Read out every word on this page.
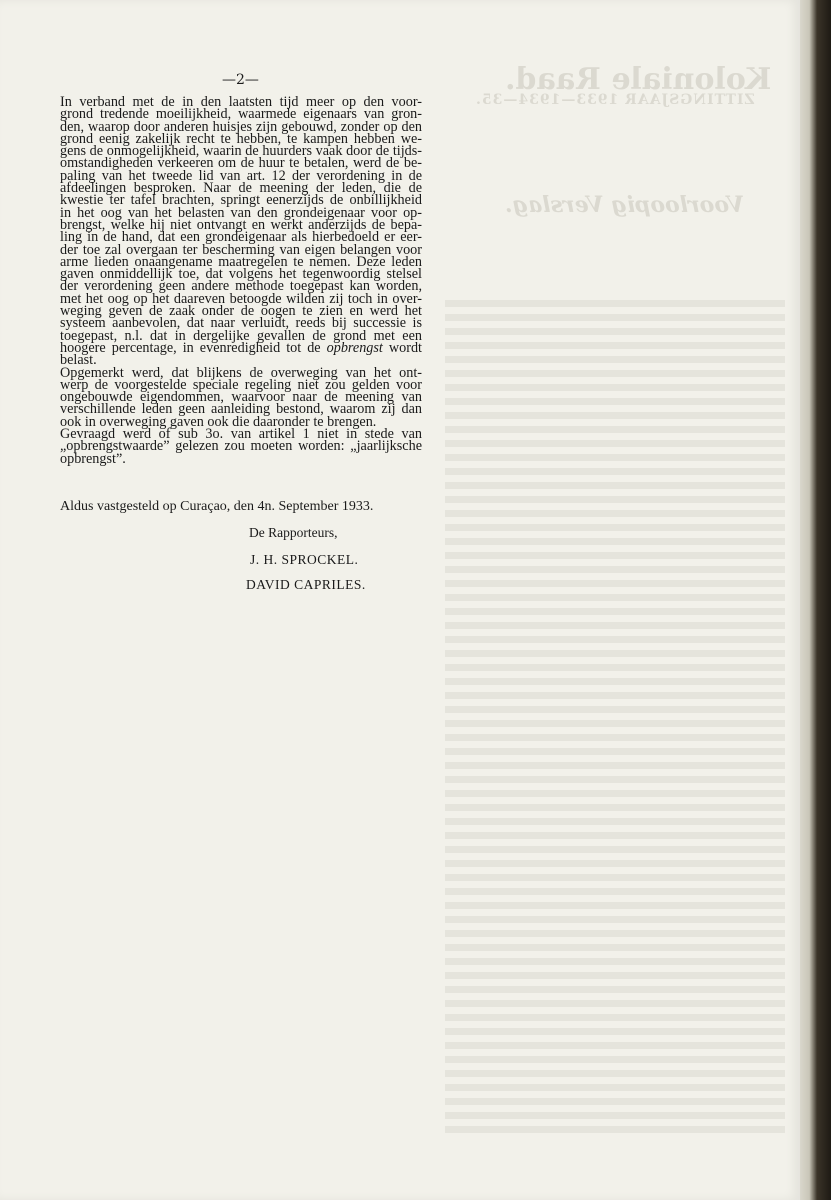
Koloniale Raad.
ZITTINGSJAAR 1933—1934—35.
Voorloopig Verslag.
—2—
In verband met de in den laatsten tijd meer op den voor-
grond tredende moeilijkheid, waarmede eigenaars van gron-
den, waarop door anderen huisjes zijn gebouwd, zonder op den
grond eenig zakelijk recht te hebben, te kampen hebben we-
gens de onmogelijkheid, waarin de huurders vaak door de tijds-
omstandigheden verkeeren om de huur te betalen, werd de be-
paling van het tweede lid van art. 12 der verordening in de
afdeelingen besproken. Naar de meening der leden, die de
kwestie ter tafel brachten, springt eenerzijds de onbillijkheid
in het oog van het belasten van den grondeigenaar voor op-
brengst, welke hij niet ontvangt en werkt anderzijds de bepa-
ling in de hand, dat een grondeigenaar als hierbedoeld er eer-
der toe zal overgaan ter bescherming van eigen belangen voor
arme lieden onaangename maatregelen te nemen. Deze leden
gaven onmiddellijk toe, dat volgens het tegenwoordig stelsel
der verordening geen andere methode toegepast kan worden,
met het oog op het daareven betoogde wilden zij toch in over-
weging geven de zaak onder de oogen te zien en werd het
systeem aanbevolen, dat naar verluidt, reeds bij successie is
toegepast, n.l. dat in dergelijke gevallen de grond met een
hoogere percentage, in evenredigheid tot de opbrengst wordt
belast.
Opgemerkt werd, dat blijkens de overweging van het ont-
werp de voorgestelde speciale regeling niet zou gelden voor
ongebouwde eigendommen, waarvoor naar de meening van
verschillende leden geen aanleiding bestond, waarom zij dan
ook in overweging gaven ook die daaronder te brengen.
Gevraagd werd of sub 3o. van artikel 1 niet in stede van
„opbrengstwaarde” gelezen zou moeten worden: „jaarlijksche
opbrengst”.
Aldus vastgesteld op Curaçao, den 4n. September 1933.
De Rapporteurs,
J. H. SPROCKEL.
DAVID CAPRILES.
